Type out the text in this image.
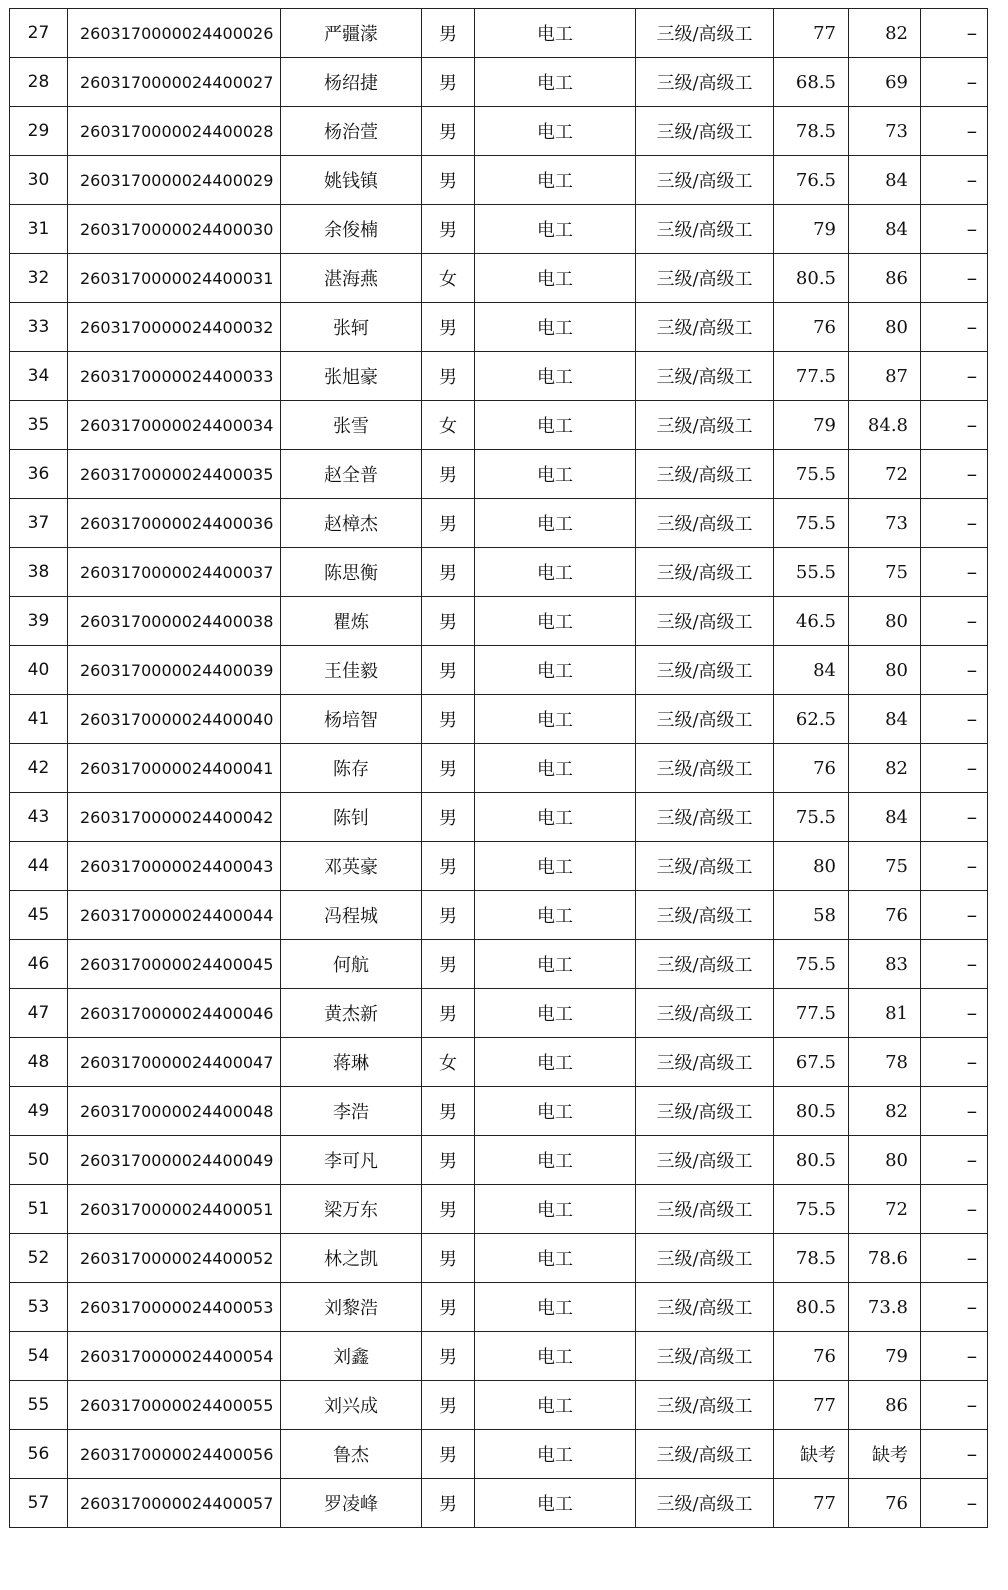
27	2603170000024400026	严疆濛	男	电工	三级/高级工	77	82	--
28	2603170000024400027	杨绍捷	男	电工	三级/高级工	68.5	69	--
29	2603170000024400028	杨治萱	男	电工	三级/高级工	78.5	73	--
30	2603170000024400029	姚钱镇	男	电工	三级/高级工	76.5	84	--
31	2603170000024400030	余俊楠	男	电工	三级/高级工	79	84	--
32	2603170000024400031	湛海燕	女	电工	三级/高级工	80.5	86	--
33	2603170000024400032	张轲	男	电工	三级/高级工	76	80	--
34	2603170000024400033	张旭豪	男	电工	三级/高级工	77.5	87	--
35	2603170000024400034	张雪	女	电工	三级/高级工	79	84.8	--
36	2603170000024400035	赵全普	男	电工	三级/高级工	75.5	72	--
37	2603170000024400036	赵樟杰	男	电工	三级/高级工	75.5	73	--
38	2603170000024400037	陈思衡	男	电工	三级/高级工	55.5	75	--
39	2603170000024400038	瞿炼	男	电工	三级/高级工	46.5	80	--
40	2603170000024400039	王佳毅	男	电工	三级/高级工	84	80	--
41	2603170000024400040	杨培智	男	电工	三级/高级工	62.5	84	--
42	2603170000024400041	陈存	男	电工	三级/高级工	76	82	--
43	2603170000024400042	陈钊	男	电工	三级/高级工	75.5	84	--
44	2603170000024400043	邓英豪	男	电工	三级/高级工	80	75	--
45	2603170000024400044	冯程城	男	电工	三级/高级工	58	76	--
46	2603170000024400045	何航	男	电工	三级/高级工	75.5	83	--
47	2603170000024400046	黄杰新	男	电工	三级/高级工	77.5	81	--
48	2603170000024400047	蒋琳	女	电工	三级/高级工	67.5	78	--
49	2603170000024400048	李浩	男	电工	三级/高级工	80.5	82	--
50	2603170000024400049	李可凡	男	电工	三级/高级工	80.5	80	--
51	2603170000024400051	梁万东	男	电工	三级/高级工	75.5	72	--
52	2603170000024400052	林之凯	男	电工	三级/高级工	78.5	78.6	--
53	2603170000024400053	刘黎浩	男	电工	三级/高级工	80.5	73.8	--
54	2603170000024400054	刘鑫	男	电工	三级/高级工	76	79	--
55	2603170000024400055	刘兴成	男	电工	三级/高级工	77	86	--
56	2603170000024400056	鲁杰	男	电工	三级/高级工	缺考	缺考	--
57	2603170000024400057	罗凌峰	男	电工	三级/高级工	77	76	--
